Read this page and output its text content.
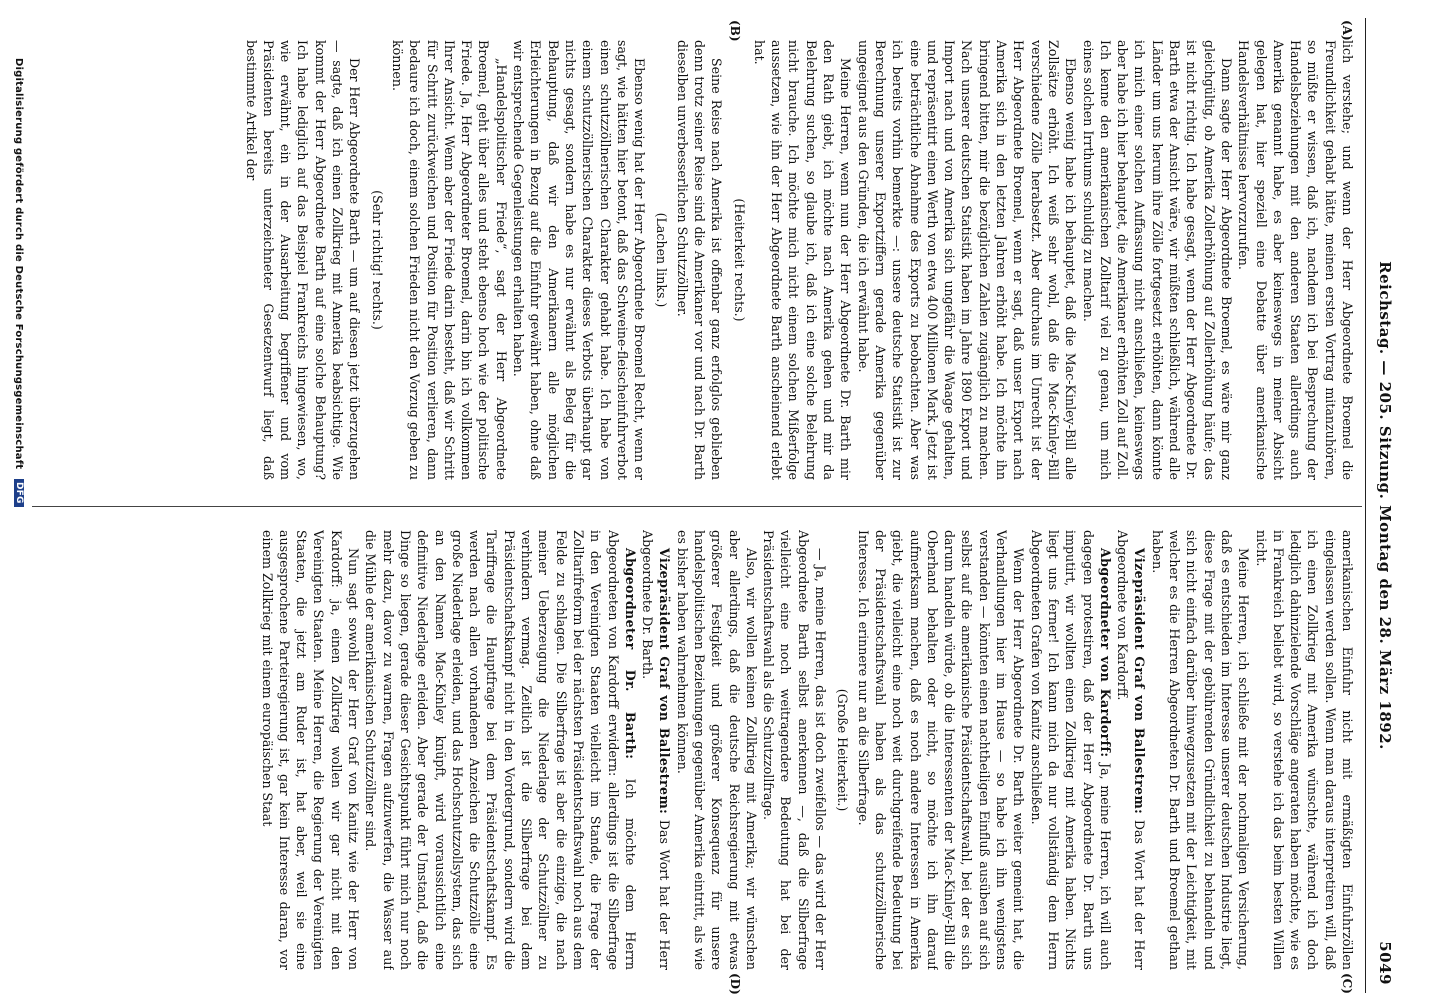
Reichstag. — 205. Sitzung. Montag den 28. März 1892.
5049
(A)
(B)
(C)
(D)

lich verstehe; und wenn der Herr Abgeordnete Broemel die Freundlichkeit gehabt hätte, meinen ersten Vortrag mitanzuhören, so müßte er wissen, daß ich, nachdem ich bei Besprechung der Handelsbeziehungen mit den anderen Staaten allerdings auch Amerika genannt habe, es aber keineswegs in meiner Absicht gelegen hat, hier speziell eine Debatte über amerikanische Handelsverhältnisse hervorzurufen.

Dann sagte der Herr Abgeordnete Broemel, es wäre mir ganz gleichgültig, ob Amerika Zollerhöhung auf Zollerhöhung häufe; das ist nicht richtig. Ich habe gesagt, wenn der Herr Abgeordnete Dr. Barth etwa der Ansicht wäre, wir müßten schließlich, während alle Länder um uns herum ihre Zölle fortgesetzt erhöhten, dann könnte ich mich einer solchen Auffassung nicht anschließen, keineswegs aber habe ich hier behauptet, die Amerikaner erhöhten Zoll auf Zoll. Ich kenne den amerikanischen Zolltarif viel zu genau, um mich eines solchen Irrthums schuldig zu machen.

Ebenso wenig habe ich behauptet, daß die Mac-Kinley-Bill alle Zollsätze erhöht. Ich weiß sehr wohl, daß die Mac-Kinley-Bill verschiedene Zölle herabsetzt. Aber durchaus im Unrecht ist der Herr Abgeordnete Broemel, wenn er sagt, daß unser Export nach Amerika sich in den letzten Jahren erhöht habe. Ich möchte ihn bringend bitten, mir die bezüglichen Zahlen zugänglich zu machen. Nach unserer deutschen Statistik haben im Jahre 1890 Export und Import nach und von Amerika sich ungefähr die Waage gehalten, und repräsentirt einen Werth von etwa 400 Millionen Mark. Jetzt ist eine beträchtliche Abnahme des Exports zu beobachten. Aber was ich bereits vorhin bemerkte —: unsere deutsche Statistik ist zur Berechnung unserer Exportziffern gerade Amerika gegenüber ungeeignet aus den Gründen, die ich erwähnt habe.

Meine Herren, wenn nun der Herr Abgeordnete Dr. Barth mir den Rath giebt, ich möchte nach Amerika gehen und mir da Belehrung suchen, so glaube ich, daß ich eine solche Belehrung nicht brauche. Ich möchte mich nicht einem solchen Mißerfolge aussetzen, wie ihn der Herr Abgeordnete Barth anscheinend erlebt hat.

(Heiterkeit rechts.)

Seine Reise nach Amerika ist offenbar ganz erfolglos geblieben denn trotz seiner Reise sind die Amerikaner vor und nach Dr. Barth dieselben unverbesserlichen Schutzzöllner.

(Lachen links.)

Ebenso wenig hat der Herr Abgeordnete Broemel Recht, wenn er sagt, wie hätten hier betont, daß das Schweine-fleischeinfuhrverbot einen schutzzöllnerischen Charakter gehabt habe. Ich habe von einem schutzzöllnerischen Charakter dieses Verbots überhaupt gar nichts gesagt, sondern habe es nur erwähnt als Beleg für die Behauptung, daß wir den Amerikanern alle möglichen Erleichterungen in Bezug auf die Einfuhr gewährt haben, ohne daß wir entsprechende Gegenleistungen erhalten haben.

„Handelspolitischer Friede“, sagt der Herr Abgeordnete Broemel, geht über alles und steht ebenso hoch wie der politische Friede. Ja, Herr Abgeordneter Broemel, darin bin ich vollkommen Ihrer Ansicht. Wenn aber der Friede darin besteht, daß wir Schritt für Schritt zurückweichen und Position für Position verlieren, dann bedaure ich doch, einem solchen Frieden nicht den Vorzug geben zu können.

(Sehr richtig! rechts.)

Der Herr Abgeordnete Barth — um auf diesen jetzt überzugehen — sagte, daß ich einen Zollkrieg mit Amerika beabsichtige. Wie kommt der Herr Abgeordnete Barth auf eine solche Behauptung? Ich habe lediglich auf das Beispiel Frankreichs hingewiesen, wo, wie erwähnt, ein in der Ausarbeitung begriffener und vom Präsidenten bereits unterzeichneter Gesetzentwurf liegt, daß bestimmte Artikel der

amerikanischen Einfuhr nicht mit ermäßigten Einfuhrzöllen eingelassen werden sollen. Wenn man daraus interpretiren will, daß ich einen Zollkrieg mit Amerika wünschte, während ich doch lediglich dahinzielende Vorschläge angeraten haben möchte, wie es in Frankreich beliebt wird, so verstehe ich das beim besten Willen nicht.

Meine Herren, ich schließe mit der nochmaligen Versicherung, daß es entschieden im Interesse unserer deutschen Industrie liegt, diese Frage mit der gebührenden Gründlichkeit zu behandeln und sich nicht einfach darüber hinwegzusetzen mit der Leichtigkeit, mit welcher es die Herren Abgeordneten Dr. Barth und Broemel gethan haben.

Vizepräsident Graf von Ballestrem: Das Wort hat der Herr Abgeordnete von Kardorff.

Abgeordneter von Kardorff: Ja, meine Herren, ich will auch dagegen protestiren, daß der Herr Abgeordnete Dr. Barth uns imputirt, wir wollten einen Zollkrieg mit Amerika haben. Nichts liegt uns ferner! Ich kann mich da nur vollständig dem Herrn Abgeordneten Grafen von Kanitz anschließen.

Wenn der Herr Abgeordnete Dr. Barth weiter gemeint hat, die Verhandlungen hier im Hause — so habe ich ihn wenigstens verstanden — könnten einen nachtheiligen Einfluß ausüben auf sich selbst auf die amerikanische Präsidentschaftswahl, bei der es sich darum handeln würde, ob die Interessenten der Mac-Kinley-Bill die Oberhand behalten oder nicht, so möchte ich ihn darauf aufmerksam machen, daß es noch andere Interessen in Amerika giebt, die vielleicht eine noch weit durchgreifende Bedeutung bei der Präsidentschaftswahl haben als das schutzzöllnerische Interesse. Ich erinnere nur an die Silberfrage.

(Große Heiterkeit.)

— Ja, meine Herren, das ist doch zweifellos — das wird der Herr Abgeordnete Barth selbst anerkennen —, daß die Silberfrage vielleicht eine noch weitragendere Bedeutung hat bei der Präsidentschaftswahl als die Schutzzollfrage.

Also, wir wollen keinen Zollkrieg mit Amerika; wir wünschen aber allerdings, daß die deutsche Reichsregierung mit etwas größerer Festigkeit und größerer Konsequenz für unsere handelspolitischen Beziehungen gegenüber Amerika eintritt, als wie es bisher haben wahrnehmen können.

Vizepräsident Graf von Ballestrem: Das Wort hat der Herr Abgeordnete Dr. Barth.

Abgeordneter Dr. Barth: Ich möchte dem Herrn Abgeordneten von Kardorff erwidern: allerdings ist die Silberfrage in den Vereinigten Staaten vielleicht im Stande, die Frage der Zolltarifreform bei der nächsten Präsidentschaftswahl noch aus dem Felde zu schlagen. Die Silberfrage ist aber die einzige, die nach meiner Ueberzeugung die Niederlage der Schutzzöllner zu verhindern vermag. Zeitlich ist die Silberfrage bei dem Präsidentschaftskampf nicht in den Vordergrund, sondern wird die Tariffrage die Hauptfrage bei dem Präsidentschaftskampf. Es werden nach allen vorhandenen Anzeichen die Schutzzölle eine große Niederlage erleiden, und das Hochschutzzollsystem, das sich an den Namen Mac-Kinley knüpft, wird voraussichtlich eine definitive Niederlage erleiden. Aber gerade der Umstand, daß die Dinge so liegen, gerade dieser Gesichtspunkt führt mich nur noch mehr dazu, davor zu warnen, Fragen aufzuwerfen, die Wasser auf die Mühle der amerikanischen Schutzzöllner sind.

Nun sagt sowohl der Herr Graf von Kanitz wie der Herr von Kardorff: ja, einen Zollkrieg wollen wir gar nicht mit den Vereinigten Staaten. Meine Herren, die Regierung der Vereinigten Staaten, die jetzt am Ruder ist, hat aber, weil sie eine ausgesprochene Parteiregierung ist, gar kein Interesse daran, vor einem Zollkrieg mit einem europäischen Staat

Digitalisierung gefördert durch die Deutsche Forschungsgemeinschaft DFG
